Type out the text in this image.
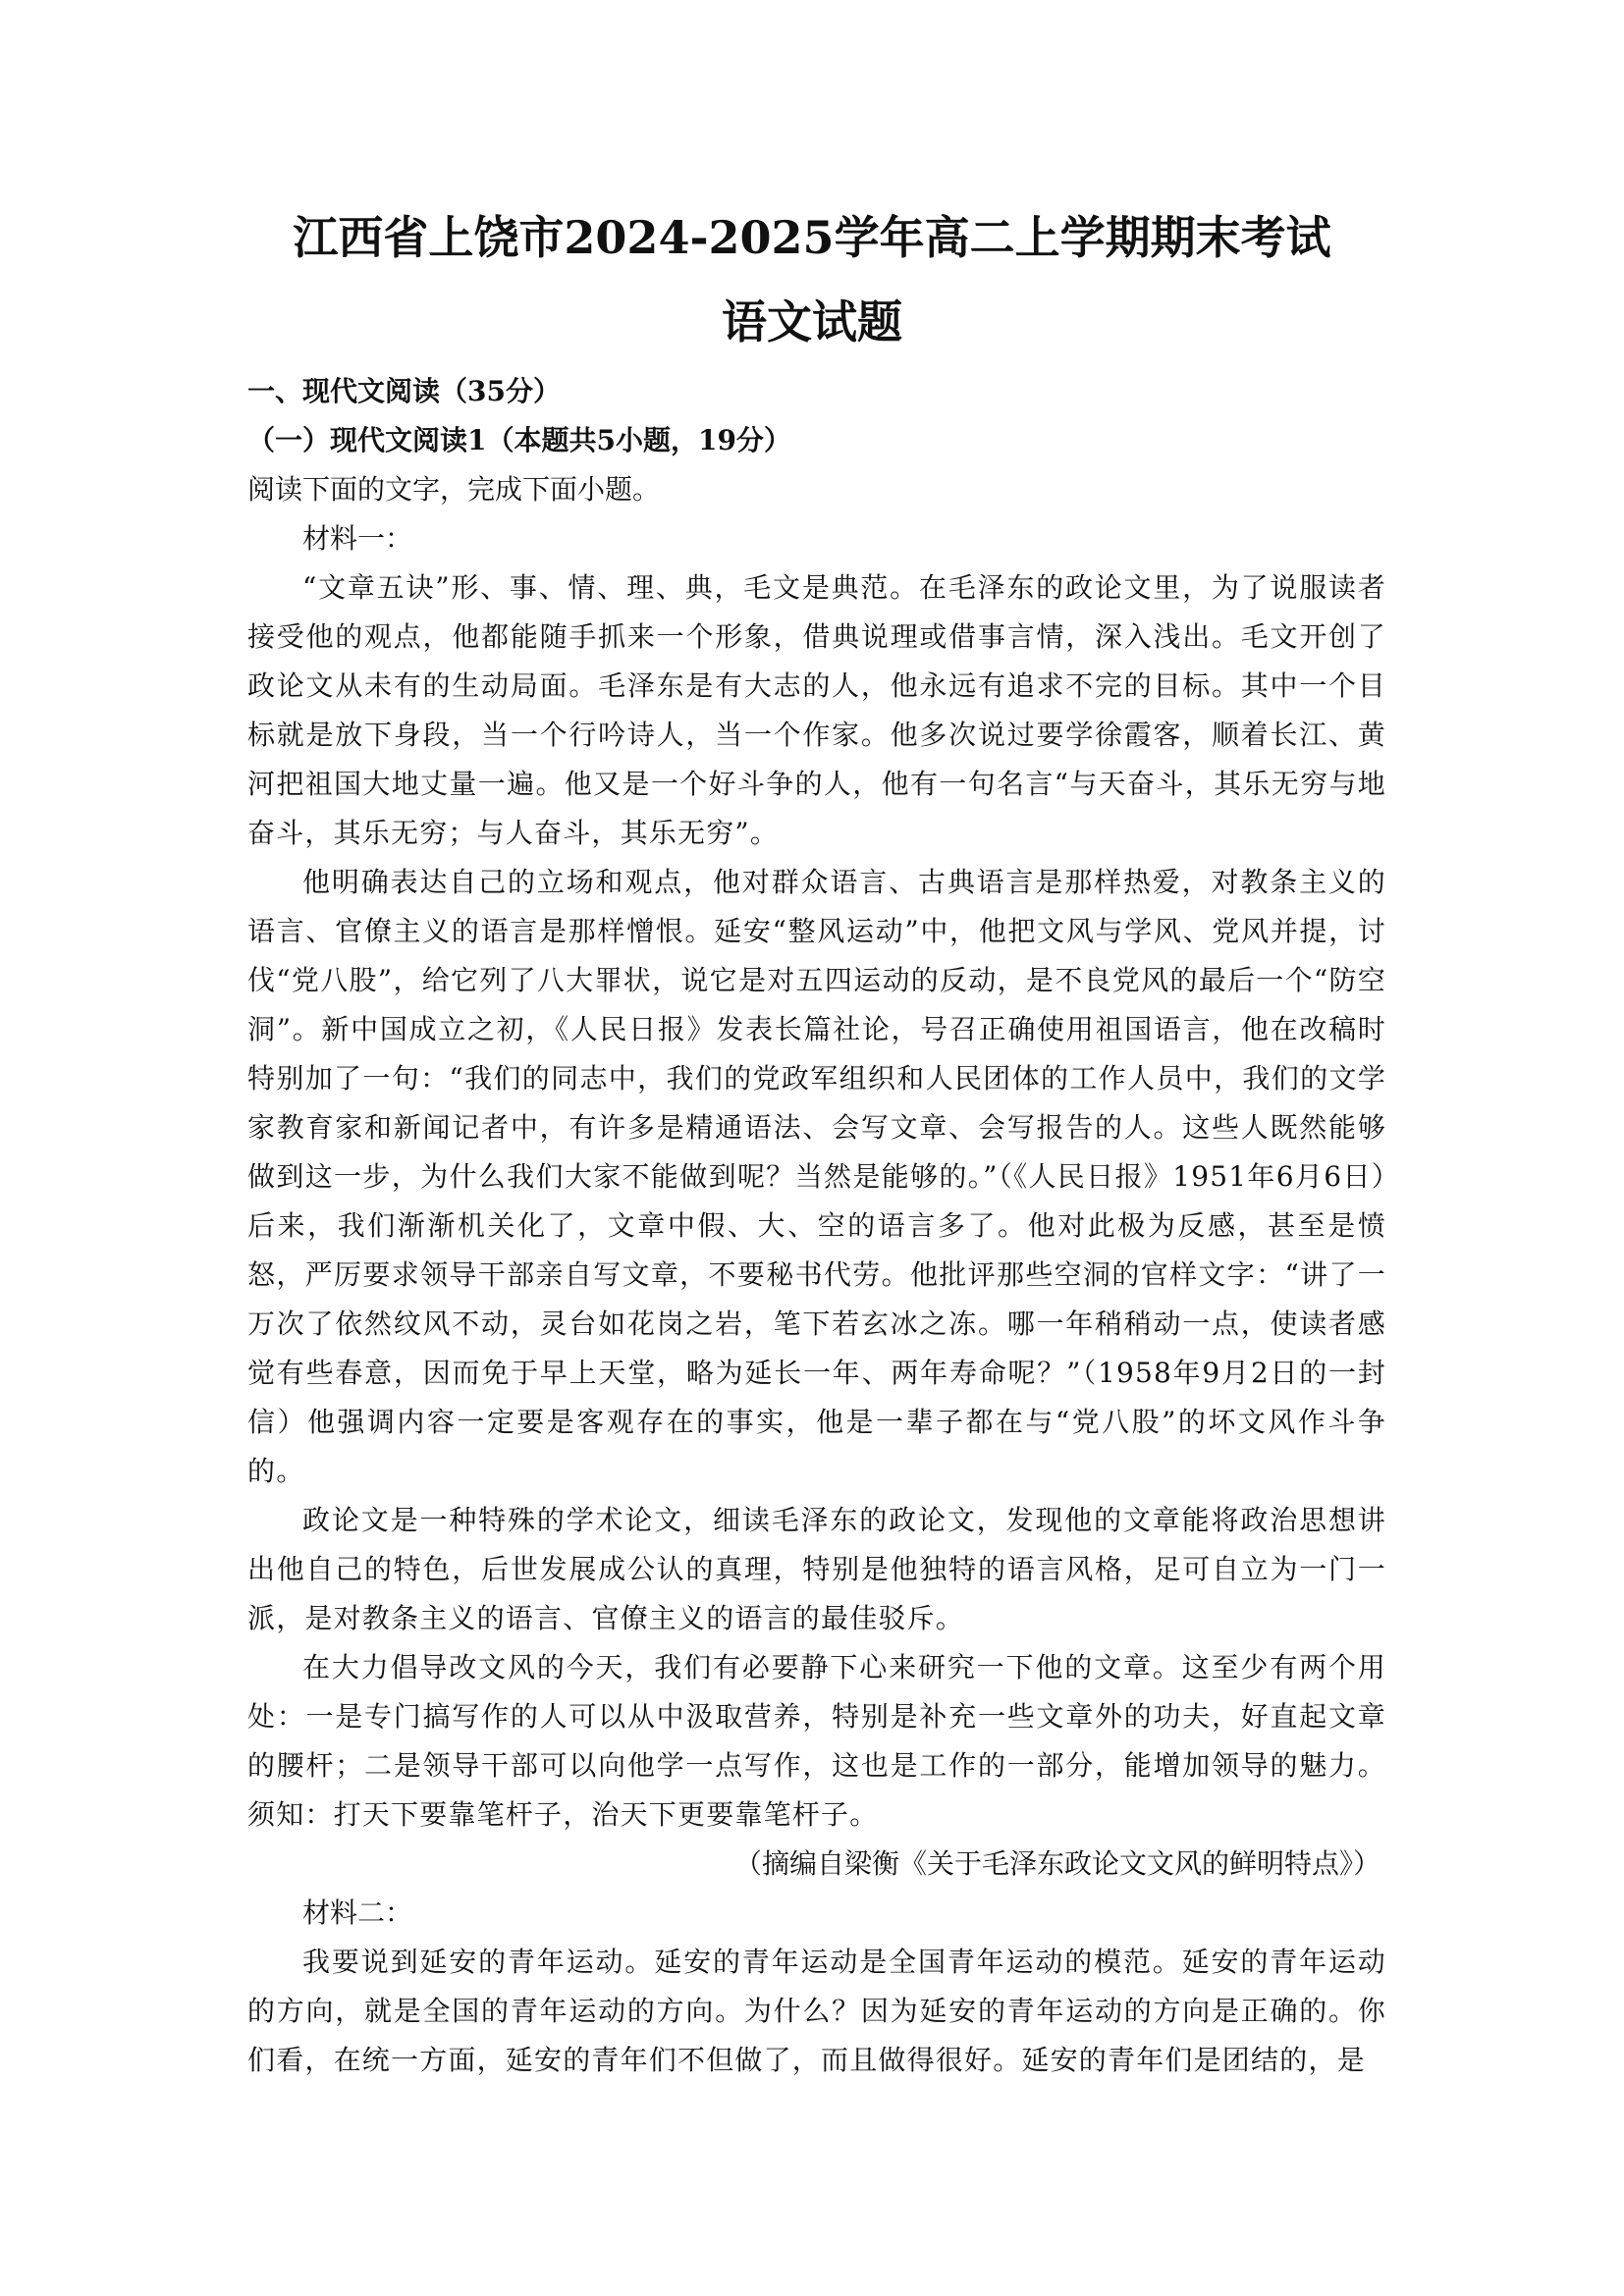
江西省上饶市2024-2025学年高二上学期期末考试
语文试题
一、现代文阅读（35分）
（一）现代文阅读1（本题共5小题，19分）
阅读下面的文字，完成下面小题。
材料一：

“文章五诀”形、事、情、理、典，毛文是典范。在毛泽东的政论文里，为了说服读者接受他的观点，他都能随手抓来一个形象，借典说理或借事言情，深入浅出。毛文开创了政论文从未有的生动局面。毛泽东是有大志的人，他永远有追求不完的目标。其中一个目标就是放下身段，当一个行吟诗人，当一个作家。他多次说过要学徐霞客，顺着长江、黄河把祖国大地丈量一遍。他又是一个好斗争的人，他有一句名言“与天奋斗，其乐无穷与地奋斗，其乐无穷；与人奋斗，其乐无穷”。

他明确表达自己的立场和观点，他对群众语言、古典语言是那样热爱，对教条主义的语言、官僚主义的语言是那样憎恨。延安“整风运动”中，他把文风与学风、党风并提，讨伐“党八股”，给它列了八大罪状，说它是对五四运动的反动，是不良党风的最后一个“防空洞”。新中国成立之初，《人民日报》发表长篇社论，号召正确使用祖国语言，他在改稿时特别加了一句：“我们的同志中，我们的党政军组织和人民团体的工作人员中，我们的文学家教育家和新闻记者中，有许多是精通语法、会写文章、会写报告的人。这些人既然能够做到这一步，为什么我们大家不能做到呢？当然是能够的。”（《人民日报》1951年6月6日）后来，我们渐渐机关化了，文章中假、大、空的语言多了。他对此极为反感，甚至是愤怒，严厉要求领导干部亲自写文章，不要秘书代劳。他批评那些空洞的官样文字：“讲了一万次了依然纹风不动，灵台如花岗之岩，笔下若玄冰之冻。哪一年稍稍动一点，使读者感觉有些春意，因而免于早上天堂，略为延长一年、两年寿命呢？”（1958年9月2日的一封信）他强调内容一定要是客观存在的事实，他是一辈子都在与“党八股”的坏文风作斗争的。

政论文是一种特殊的学术论文，细读毛泽东的政论文，发现他的文章能将政治思想讲出他自己的特色，后世发展成公认的真理，特别是他独特的语言风格，足可自立为一门一派，是对教条主义的语言、官僚主义的语言的最佳驳斥。

在大力倡导改文风的今天，我们有必要静下心来研究一下他的文章。这至少有两个用处：一是专门搞写作的人可以从中汲取营养，特别是补充一些文章外的功夫，好直起文章的腰杆；二是领导干部可以向他学一点写作，这也是工作的一部分，能增加领导的魅力。须知：打天下要靠笔杆子，治天下更要靠笔杆子。

（摘编自梁衡《关于毛泽东政论文文风的鲜明特点》）
材料二：

我要说到延安的青年运动。延安的青年运动是全国青年运动的模范。延安的青年运动的方向，就是全国的青年运动的方向。为什么？因为延安的青年运动的方向是正确的。你们看，在统一方面，延安的青年们不但做了，而且做得很好。延安的青年们是团结的，是
